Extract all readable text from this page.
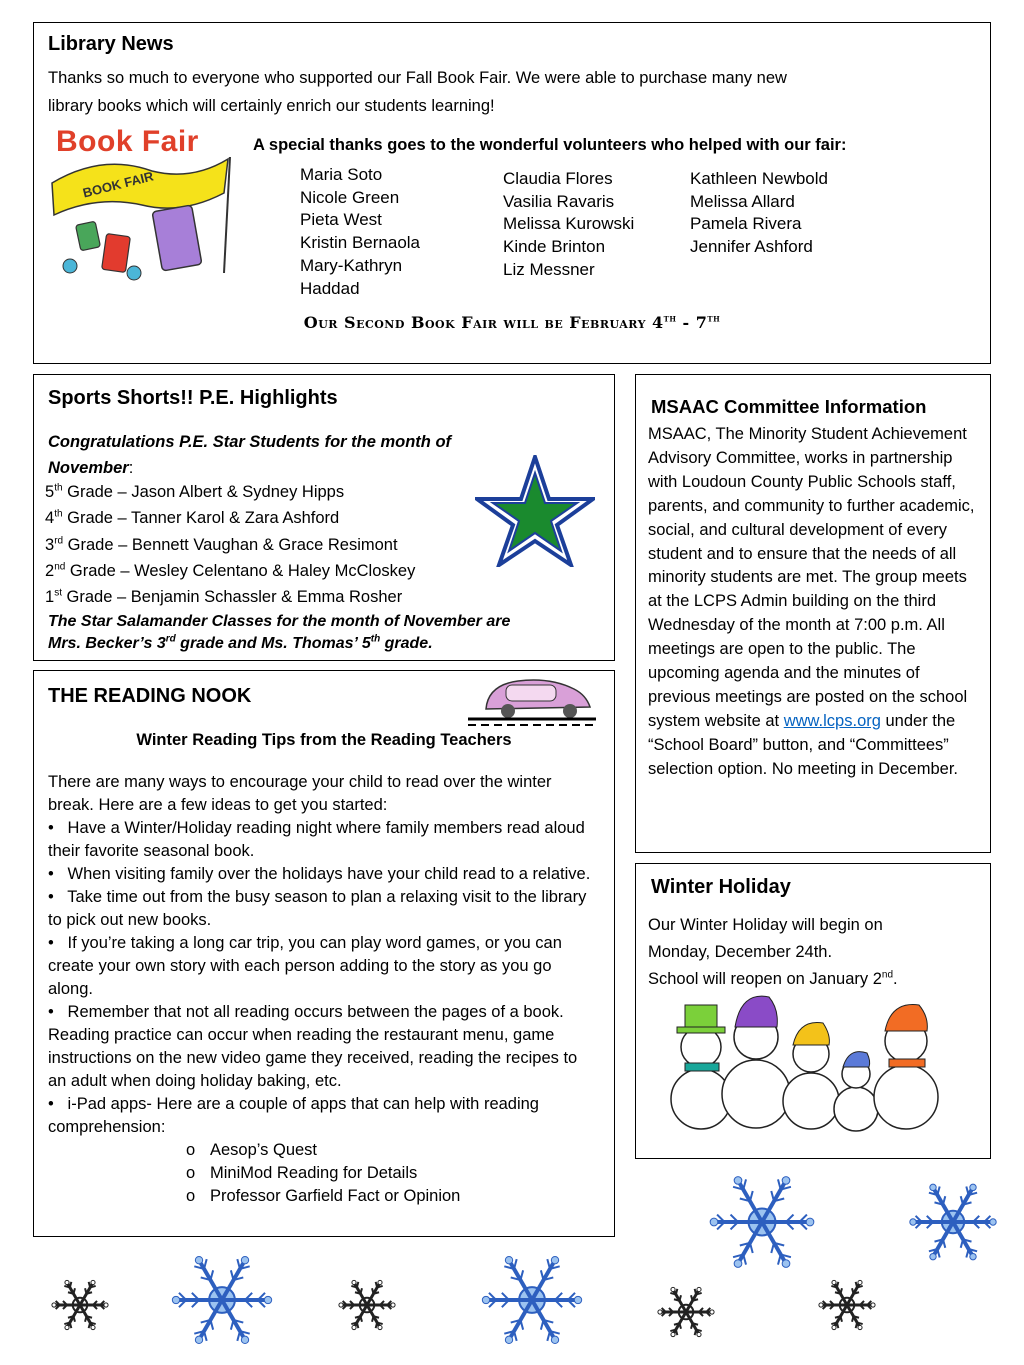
Library News
Thanks so much to everyone who supported our Fall Book Fair. We were able to purchase many new
library books which will certainly enrich our students learning!
Book Fair
BOOK FAIR
A special thanks goes to the wonderful volunteers who helped with our fair:
Maria Soto
Nicole Green
Pieta West
Kristin Bernaola
Mary-Kathryn
Haddad
Claudia Flores
Vasilia Ravaris
Melissa Kurowski
Kinde Brinton
Liz Messner
Kathleen Newbold
Melissa Allard
Pamela Rivera
Jennifer Ashford
Our Second Book Fair will be February 4th - 7th
Sports Shorts!! P.E. Highlights
Congratulations P.E. Star Students for the month of
November:
5th Grade – Jason Albert & Sydney Hipps
4th Grade – Tanner Karol & Zara Ashford
3rd Grade – Bennett Vaughan & Grace Resimont
2nd Grade – Wesley Celentano & Haley McCloskey
1st Grade – Benjamin Schassler & Emma Rosher
The Star Salamander Classes for the month of November are
Mrs. Becker’s 3rd grade and Ms. Thomas’ 5th grade.
THE READING NOOK
Winter Reading Tips from the Reading Teachers
There are many ways to encourage your child to read over the winter break. Here are a few ideas to get you started:
•   Have a Winter/Holiday reading night where family members read aloud their favorite seasonal book.
•   When visiting family over the holidays have your child read to a relative.
•   Take time out from the busy season to plan a relaxing visit to the library to pick out new books.
•   If you’re taking a long car trip, you can play word games, or you can create your own story with each person adding to the story as you go along.
•   Remember that not all reading occurs between the pages of a book.  Reading practice can occur when reading the restaurant menu, game instructions on the new video game they received, reading the recipes to an adult when doing holiday baking, etc.
•   i-Pad apps- Here are a couple of apps that can help with reading comprehension:
o Aesop’s Quest
o MiniMod Reading for Details
o Professor Garfield Fact or Opinion
MSAAC Committee Information
MSAAC, The Minority Student Achievement Advisory Committee, works in partnership with Loudoun County Public Schools staff, parents, and community to further academic, social, and cultural development of every student and to ensure that the needs of all minority students are met. The group meets at the LCPS Admin building on the third Wednesday of the month at 7:00 p.m. All meetings are open to the public. The upcoming agenda and the minutes of previous meetings are posted on the school system website at www.lcps.org under the “School Board” button, and “Committees” selection option. No meeting in December.
Winter Holiday
Our Winter Holiday will begin on
Monday, December 24th.
School will reopen on January 2nd.
